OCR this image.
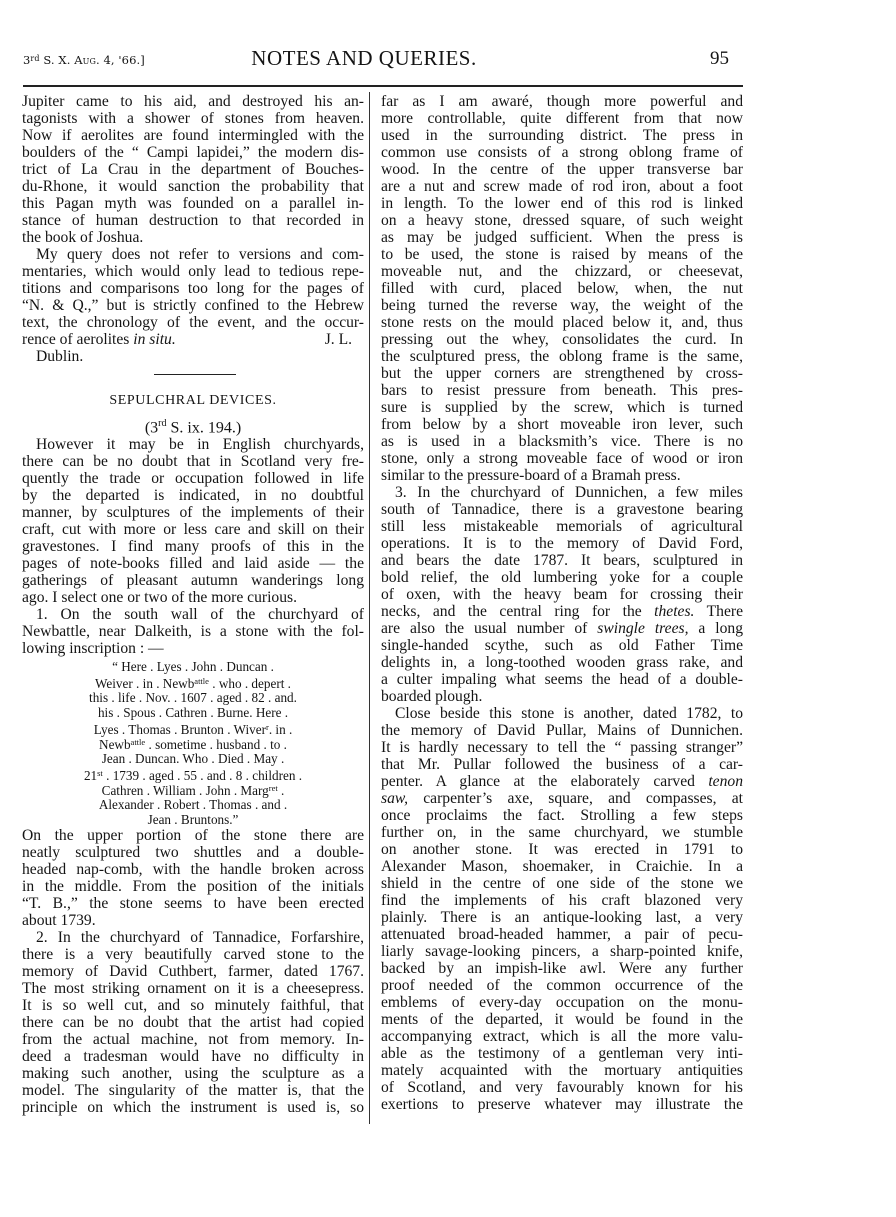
3rd S. X. Aug. 4, '66.]	NOTES AND QUERIES.	95
Jupiter came to his aid, and destroyed his an-
tagonists with a shower of stones from heaven.
Now if aerolites are found intermingled with the
boulders of the “ Campi lapidei,” the modern dis-
trict of La Crau in the department of Bouches-
du-Rhone, it would sanction the probability that
this Pagan myth was founded on a parallel in-
stance of human destruction to that recorded in
the book of Joshua.
My query does not refer to versions and com-
mentaries, which would only lead to tedious repe-
titions and comparisons too long for the pages of
“N. & Q.,” but is strictly confined to the Hebrew
text, the chronology of the event, and the occur-
rence of aerolites in situ.	J. L.
Dublin.
SEPULCHRAL DEVICES.
(3rd S. ix. 194.)
However it may be in English churchyards,
there can be no doubt that in Scotland very fre-
quently the trade or occupation followed in life
by the departed is indicated, in no doubtful
manner, by sculptures of the implements of their
craft, cut with more or less care and skill on their
gravestones. I find many proofs of this in the
pages of note-books filled and laid aside — the
gatherings of pleasant autumn wanderings long
ago. I select one or two of the more curious.
1. On the south wall of the churchyard of
Newbattle, near Dalkeith, is a stone with the fol-
lowing inscription : —
“ Here . Lyes . John . Duncan .
Weiver . in . Newb$^{attle}$ . who . depert .
this . life . Nov. . 1607 . aged . 82 . and.
his . Spous . Cathren . Burne. Here .
Lyes . Thomas . Brunton . Wiver$^r$. in .
Newb$^{attle}$ . sometime . husband . to .
Jean . Duncan. Who . Died . May .
21st . 1739 . aged . 55 . and . 8 . children .
Cathren . William . John . Marg$^{ret}$ .
Alexander . Robert . Thomas . and .
Jean . Bruntons.”
On the upper portion of the stone there are
neatly sculptured two shuttles and a double-
headed nap-comb, with the handle broken across
in the middle. From the position of the initials
“T. B.,” the stone seems to have been erected
about 1739.
2. In the churchyard of Tannadice, Forfarshire,
there is a very beautifully carved stone to the
memory of David Cuthbert, farmer, dated 1767.
The most striking ornament on it is a cheesepress.
It is so well cut, and so minutely faithful, that
there can be no doubt that the artist had copied
from the actual machine, not from memory. In-
deed a tradesman would have no difficulty in
making such another, using the sculpture as a
model. The singularity of the matter is, that the
principle on which the instrument is used is, so
far as I am awaré, though more powerful and
more controllable, quite different from that now
used in the surrounding district. The press in
common use consists of a strong oblong frame of
wood. In the centre of the upper transverse bar
are a nut and screw made of rod iron, about a foot
in length. To the lower end of this rod is linked
on a heavy stone, dressed square, of such weight
as may be judged sufficient. When the press is
to be used, the stone is raised by means of the
moveable nut, and the chizzard, or cheesevat,
filled with curd, placed below, when, the nut
being turned the reverse way, the weight of the
stone rests on the mould placed below it, and, thus
pressing out the whey, consolidates the curd. In
the sculptured press, the oblong frame is the same,
but the upper corners are strengthened by cross-
bars to resist pressure from beneath. This pres-
sure is supplied by the screw, which is turned
from below by a short moveable iron lever, such
as is used in a blacksmith’s vice. There is no
stone, only a strong moveable face of wood or iron
similar to the pressure-board of a Bramah press.
3. In the churchyard of Dunnichen, a few miles
south of Tannadice, there is a gravestone bearing
still less mistakeable memorials of agricultural
operations. It is to the memory of David Ford,
and bears the date 1787. It bears, sculptured in
bold relief, the old lumbering yoke for a couple
of oxen, with the heavy beam for crossing their
necks, and the central ring for the thetes. There
are also the usual number of swingle trees, a long
single-handed scythe, such as old Father Time
delights in, a long-toothed wooden grass rake, and
a culter impaling what seems the head of a double-
boarded plough.
Close beside this stone is another, dated 1782, to
the memory of David Pullar, Mains of Dunnichen.
It is hardly necessary to tell the “ passing stranger”
that Mr. Pullar followed the business of a car-
penter. A glance at the elaborately carved tenon
saw, carpenter’s axe, square, and compasses, at
once proclaims the fact. Strolling a few steps
further on, in the same churchyard, we stumble
on another stone. It was erected in 1791 to
Alexander Mason, shoemaker, in Craichie. In a
shield in the centre of one side of the stone we
find the implements of his craft blazoned very
plainly. There is an antique-looking last, a very
attenuated broad-headed hammer, a pair of pecu-
liarly savage-looking pincers, a sharp-pointed knife,
backed by an impish-like awl. Were any further
proof needed of the common occurrence of the
emblems of every-day occupation on the monu-
ments of the departed, it would be found in the
accompanying extract, which is all the more valu-
able as the testimony of a gentleman very inti-
mately acquainted with the mortuary antiquities
of Scotland, and very favourably known for his
exertions to preserve whatever may illustrate the
